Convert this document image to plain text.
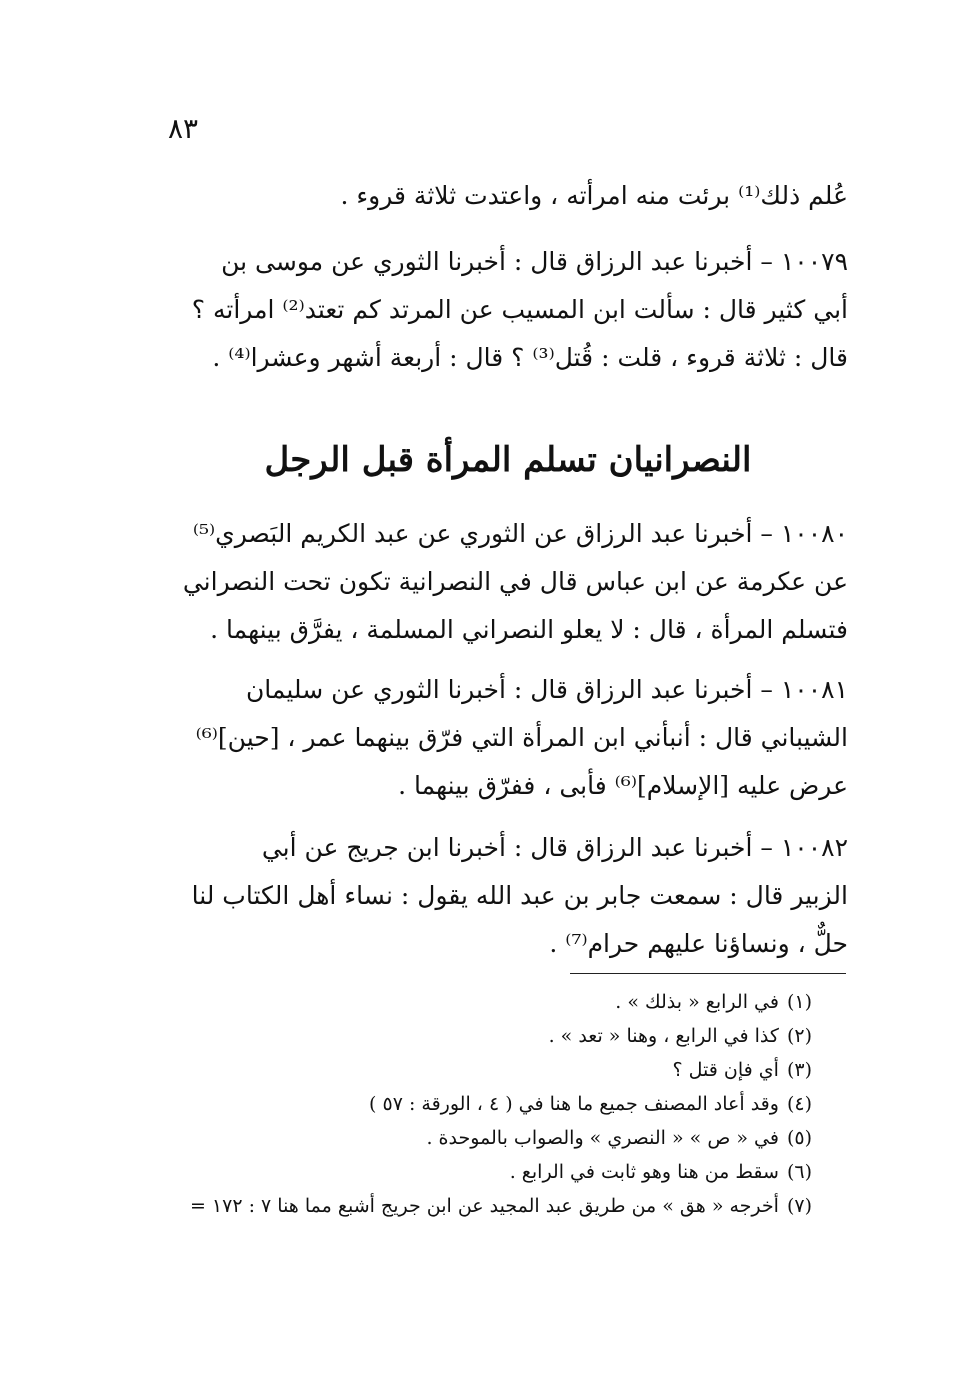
٨٣
عُلم ذلك⁽¹⁾ برئت منه امرأته ، واعتدت ثلاثة قروء .
١٠٠٧٩ – أخبرنا عبد الرزاق قال : أخبرنا الثوري عن موسى بن
أبي كثير قال : سألت ابن المسيب عن المرتد كم تعتد⁽²⁾ امرأته ؟
قال : ثلاثة قروء ، قلت : قُتل⁽³⁾ ؟ قال : أربعة أشهر وعشرا⁽⁴⁾ .
النصرانيان تسلم المرأة قبل الرجل
١٠٠٨٠ – أخبرنا عبد الرزاق عن الثوري عن عبد الكريم البَصري⁽⁵⁾
عن عكرمة عن ابن عباس قال في النصرانية تكون تحت النصراني
فتسلم المرأة ، قال : لا يعلو النصراني المسلمة ، يفرَّق بينهما .
١٠٠٨١ – أخبرنا عبد الرزاق قال : أخبرنا الثوري عن سليمان
الشيباني قال : أنبأني ابن المرأة التي فرّق بينهما عمر ، [حين]⁽⁶⁾
عرض عليه [الإسلام]⁽⁶⁾ فأبى ، ففرّق بينهما .
١٠٠٨٢ – أخبرنا عبد الرزاق قال : أخبرنا ابن جريج عن أبي
الزبير قال : سمعت جابر بن عبد الله يقول : نساء أهل الكتاب لنا
حلٌّ ، ونساؤنا عليهم حرام⁽⁷⁾ .
(١)في الرابع « بذلك » .
(٢)كذا في الرابع ، وهنا « تعد » .
(٣)أي فإن قتل ؟
(٤)وقد أعاد المصنف جميع ما هنا في ( ٤ ، الورقة : ٥٧ )
(٥)في « ص » « النصري » والصواب بالموحدة .
(٦)سقط من هنا وهو ثابت في الرابع .
(٧)أخرجه « هق » من طريق عبد المجيد عن ابن جريج أشبع مما هنا ٧ : ١٧٢ =
